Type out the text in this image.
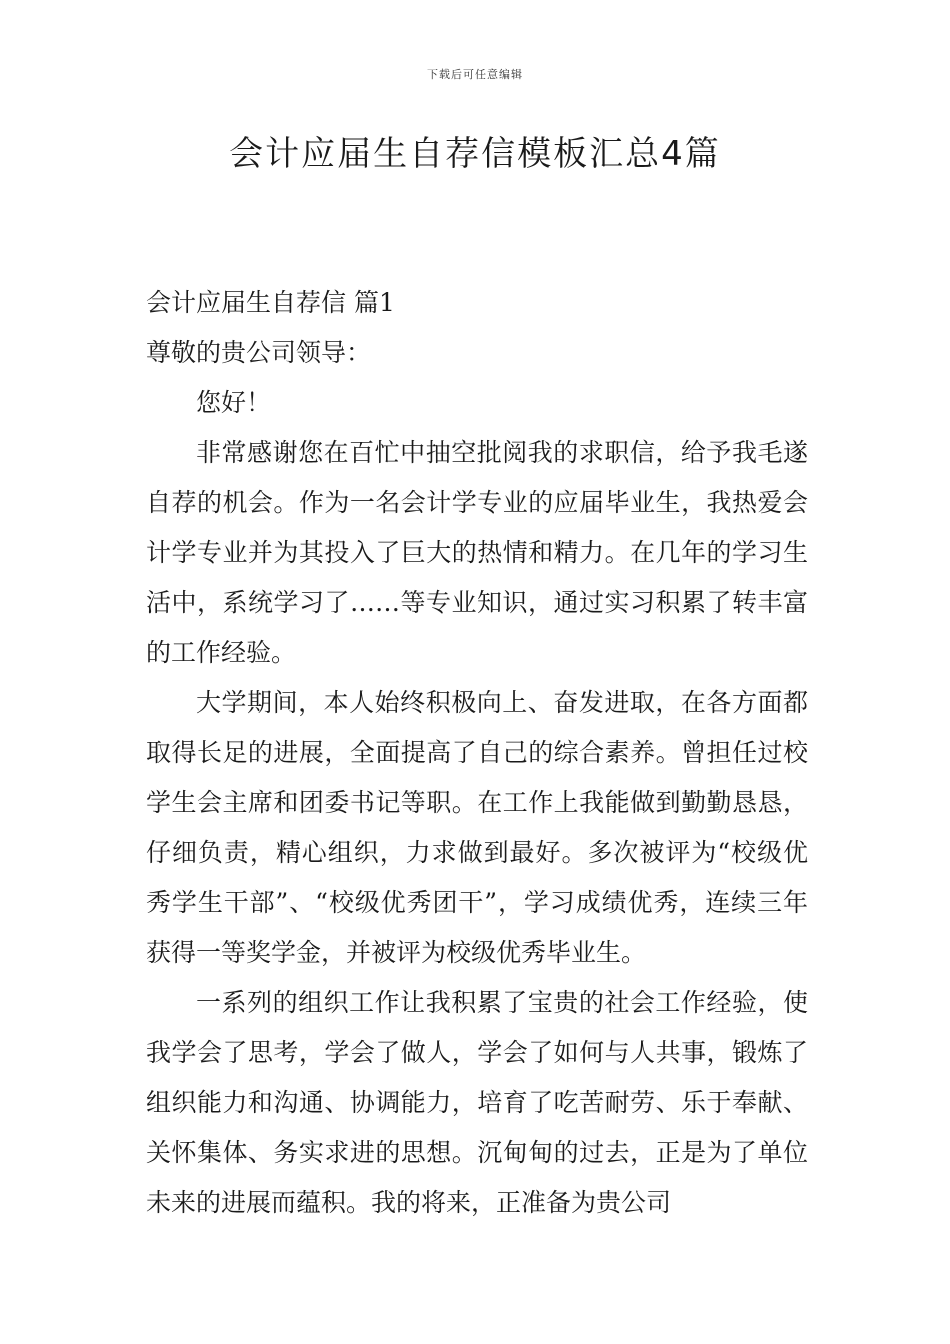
下载后可任意编辑
会计应届生自荐信模板汇总4篇

会计应届生自荐信 篇1

尊敬的贵公司领导：

您好！

非常感谢您在百忙中抽空批阅我的求职信，给予我毛遂自荐的机会。作为一名会计学专业的应届毕业生，我热爱会计学专业并为其投入了巨大的热情和精力。在几年的学习生活中，系统学习了……等专业知识，通过实习积累了转丰富的工作经验。

大学期间，本人始终积极向上、奋发进取，在各方面都取得长足的进展，全面提高了自己的综合素养。曾担任过校学生会主席和团委书记等职。在工作上我能做到勤勤恳恳，仔细负责，精心组织，力求做到最好。多次被评为“校级优秀学生干部”、“校级优秀团干”，学习成绩优秀，连续三年获得一等奖学金，并被评为校级优秀毕业生。

一系列的组织工作让我积累了宝贵的社会工作经验，使我学会了思考，学会了做人，学会了如何与人共事，锻炼了组织能力和沟通、协调能力，培育了吃苦耐劳、乐于奉献、关怀集体、务实求进的思想。沉甸甸的过去，正是为了单位未来的进展而蕴积。我的将来，正准备为贵公司
